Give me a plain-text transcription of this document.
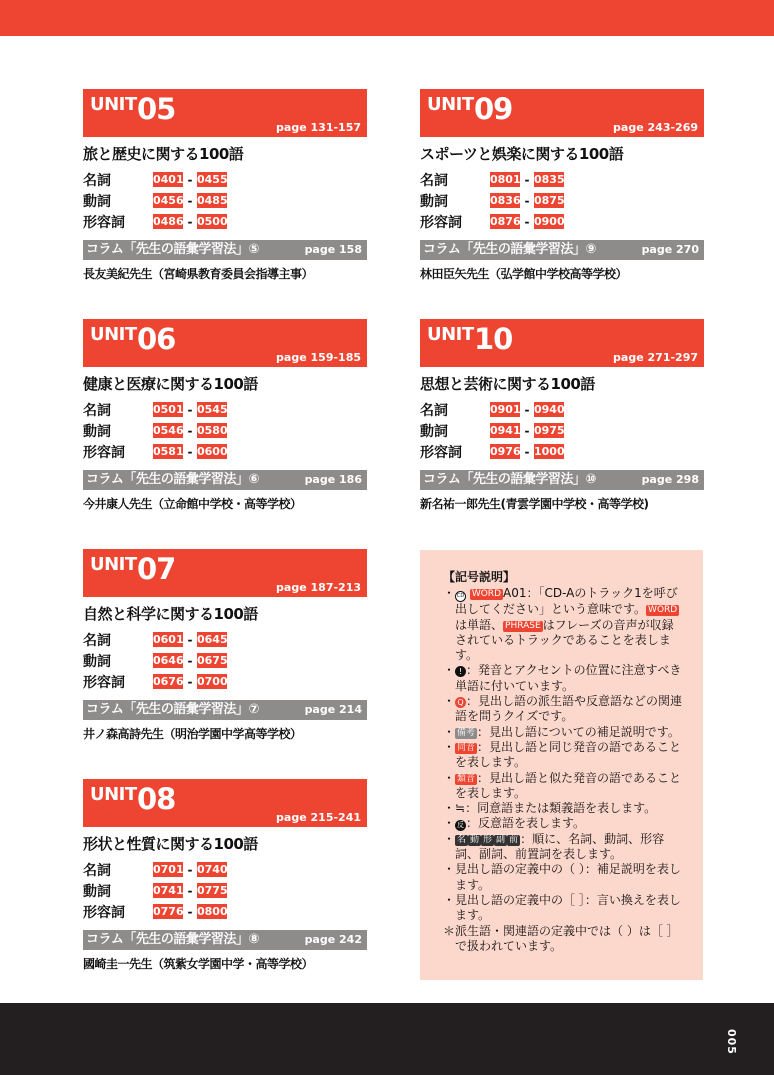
UNIT 05
page 131-157
旅と歴史に関する100語
名詞	0401 - 0455
動詞	0456 - 0485
形容詞	0486 - 0500
コラム「先生の語彙学習法」⑤	page 158
長友美紀先生（宮崎県教育委員会指導主事）
UNIT 09
page 243-269
スポーツと娯楽に関する100語
名詞	0801 - 0835
動詞	0836 - 0875
形容詞	0876 - 0900
コラム「先生の語彙学習法」⑨	page 270
林田臣矢先生（弘学館中学校高等学校）
UNIT 06
page 159-185
健康と医療に関する100語
名詞	0501 - 0545
動詞	0546 - 0580
形容詞	0581 - 0600
コラム「先生の語彙学習法」⑥	page 186
今井康人先生（立命館中学校・高等学校）
UNIT 10
page 271-297
思想と芸術に関する100語
名詞	0901 - 0940
動詞	0941 - 0975
形容詞	0976 - 1000
コラム「先生の語彙学習法」⑩	page 298
新名祐一郎先生(青雲学園中学校・高等学校)
UNIT 07
page 187-213
自然と科学に関する100語
名詞	0601 - 0645
動詞	0646 - 0675
形容詞	0676 - 0700
コラム「先生の語彙学習法」⑦	page 214
井ノ森高詩先生（明治学園中学高等学校）
UNIT 08
page 215-241
形状と性質に関する100語
名詞	0701 - 0740
動詞	0741 - 0775
形容詞	0776 - 0800
コラム「先生の語彙学習法」⑧	page 242
國崎圭一先生（筑紫女学園中学・高等学校）
【記号説明】
・ CD WORD A01：「CD-Aのトラック1を呼び出してください」という意味です。 WORDは単語、 PHRASE はフレーズの音声が収録されているトラックであることを表します。
・ ! ：発音とアクセントの位置に注意すべき単語に付いています。
・ Q ：見出し語の派生語や反意語などの関連語を問うクイズです。
・ 備考 ：見出し語についての補足説明です。
・ 同音 ：見出し語と同じ発音の語であることを表します。
・ 類音 ：見出し語と似た発音の語であることを表します。
・ ≒：同意語または類義語を表します。
・ 反 ：反意語を表します。
・ 名 動 形 副 前 ：順に、名詞、動詞、形容詞、副詞、前置詞を表します。
・ 見出し語の定義中の（ ）：補足説明を表します。
・ 見出し語の定義中の［ ］：言い換えを表します。
＊ 派生語・関連語の定義中では（ ）は［ ］で扱われています。
005
